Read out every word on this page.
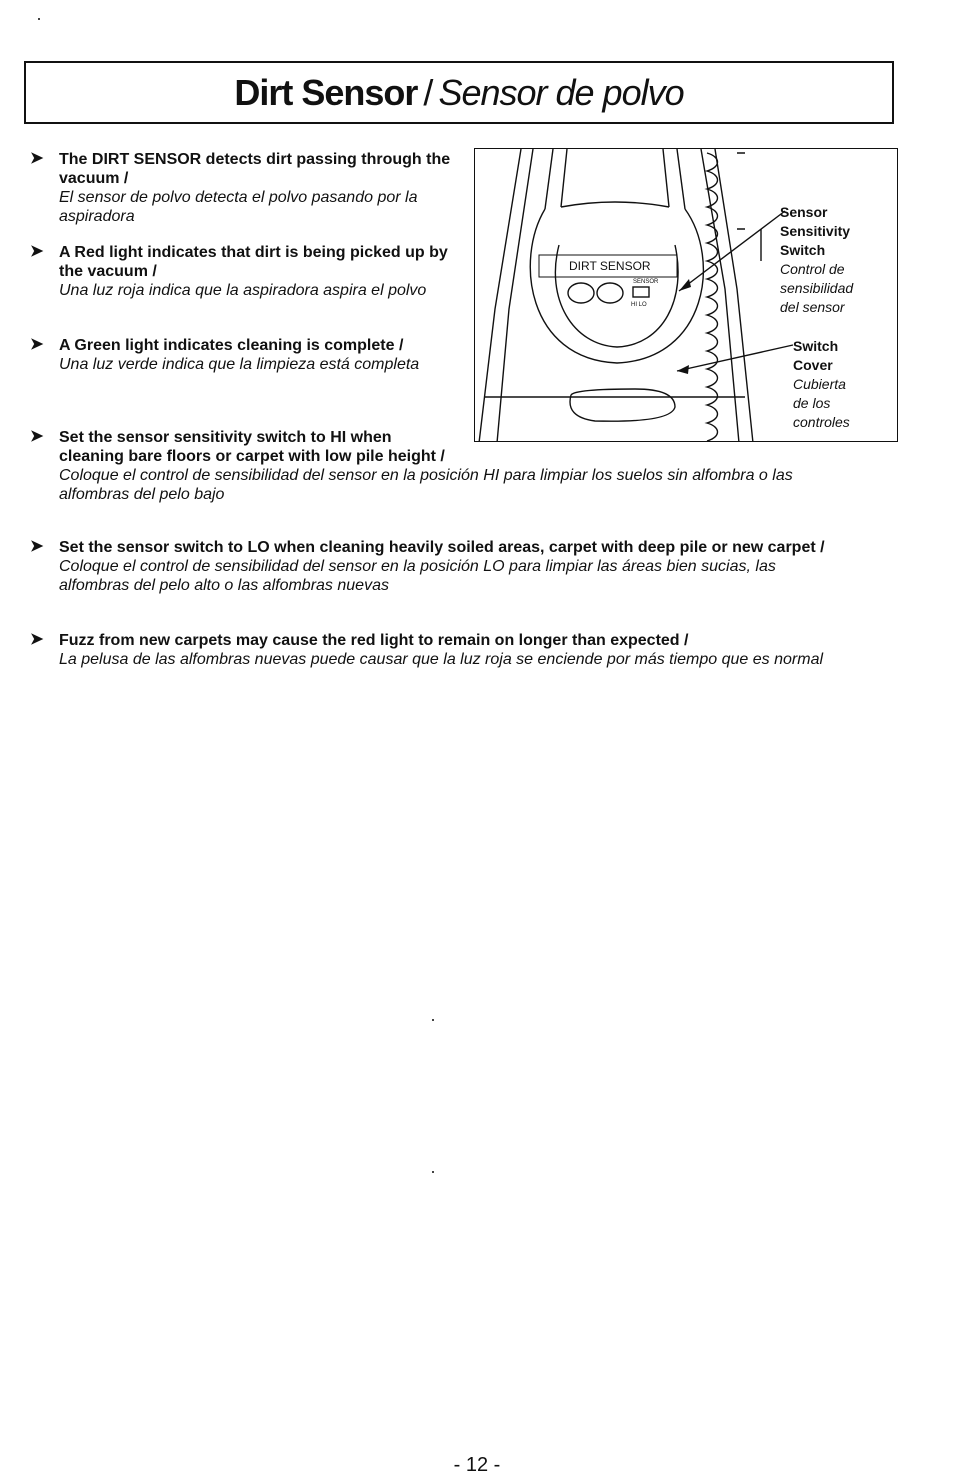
Dirt Sensor / Sensor de polvo
➤ The DIRT SENSOR detects dirt passing through the vacuum /
El sensor de polvo detecta el polvo pasando por la aspiradora
➤ A Red light indicates that dirt is being picked up by the vacuum /
Una luz roja indica que la aspiradora aspira el polvo
➤ A Green light indicates cleaning is complete /
Una luz verde indica que la limpieza está completa
➤ Set the sensor sensitivity switch to HI when cleaning bare floors or carpet with low pile height /
Coloque el control de sensibilidad del sensor en la posición HI para limpiar los suelos sin alfombra o las alfombras del pelo bajo
➤ Set the sensor switch to LO when cleaning heavily soiled areas, carpet with deep pile or new carpet /
Coloque el control de sensibilidad del sensor en la posición LO para limpiar las áreas bien sucias, las alfombras del pelo alto o las alfombras nuevas
➤ Fuzz from new carpets may cause the red light to remain on longer than expected /
La pelusa de las alfombras nuevas puede causar que la luz roja se enciende por más tiempo que es normal
DIRT SENSOR
SENSOR
HI LO
Sensor
Sensitivity
Switch
Control de
sensibilidad
del sensor
Switch
Cover
Cubierta
de los
controles
- 12 -
